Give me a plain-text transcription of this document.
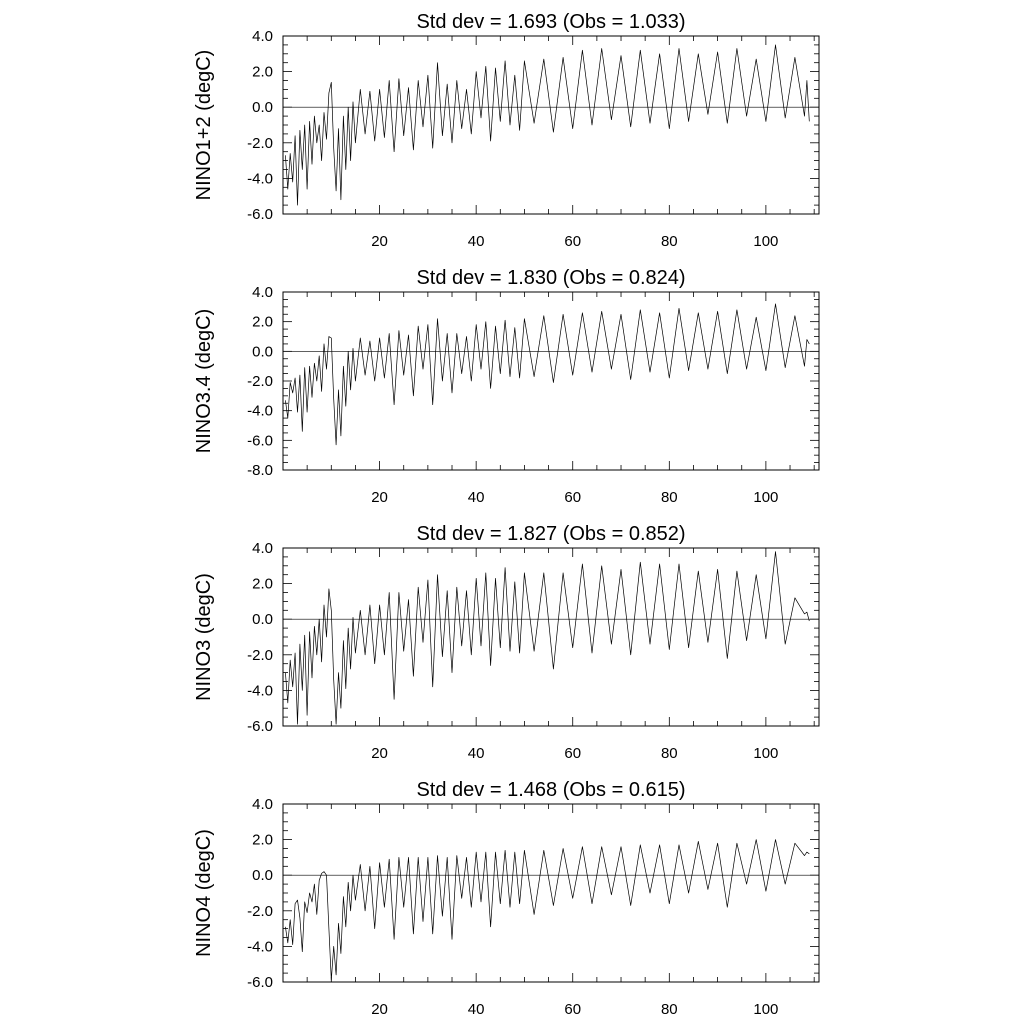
Std dev = 1.693 (Obs = 1.033)
NINO1+2 (degC)
4.0
2.0
0.0
-2.0
-4.0
-6.0
20	40	60	80	100
Std dev = 1.830 (Obs = 0.824)
NINO3.4 (degC)
4.0
2.0
0.0
-2.0
-4.0
-6.0
-8.0
20	40	60	80	100
Std dev = 1.827 (Obs = 0.852)
NINO3 (degC)
4.0
2.0
0.0
-2.0
-4.0
-6.0
20	40	60	80	100
Std dev = 1.468 (Obs = 0.615)
NINO4 (degC)
4.0
2.0
0.0
-2.0
-4.0
-6.0
20	40	60	80	100
